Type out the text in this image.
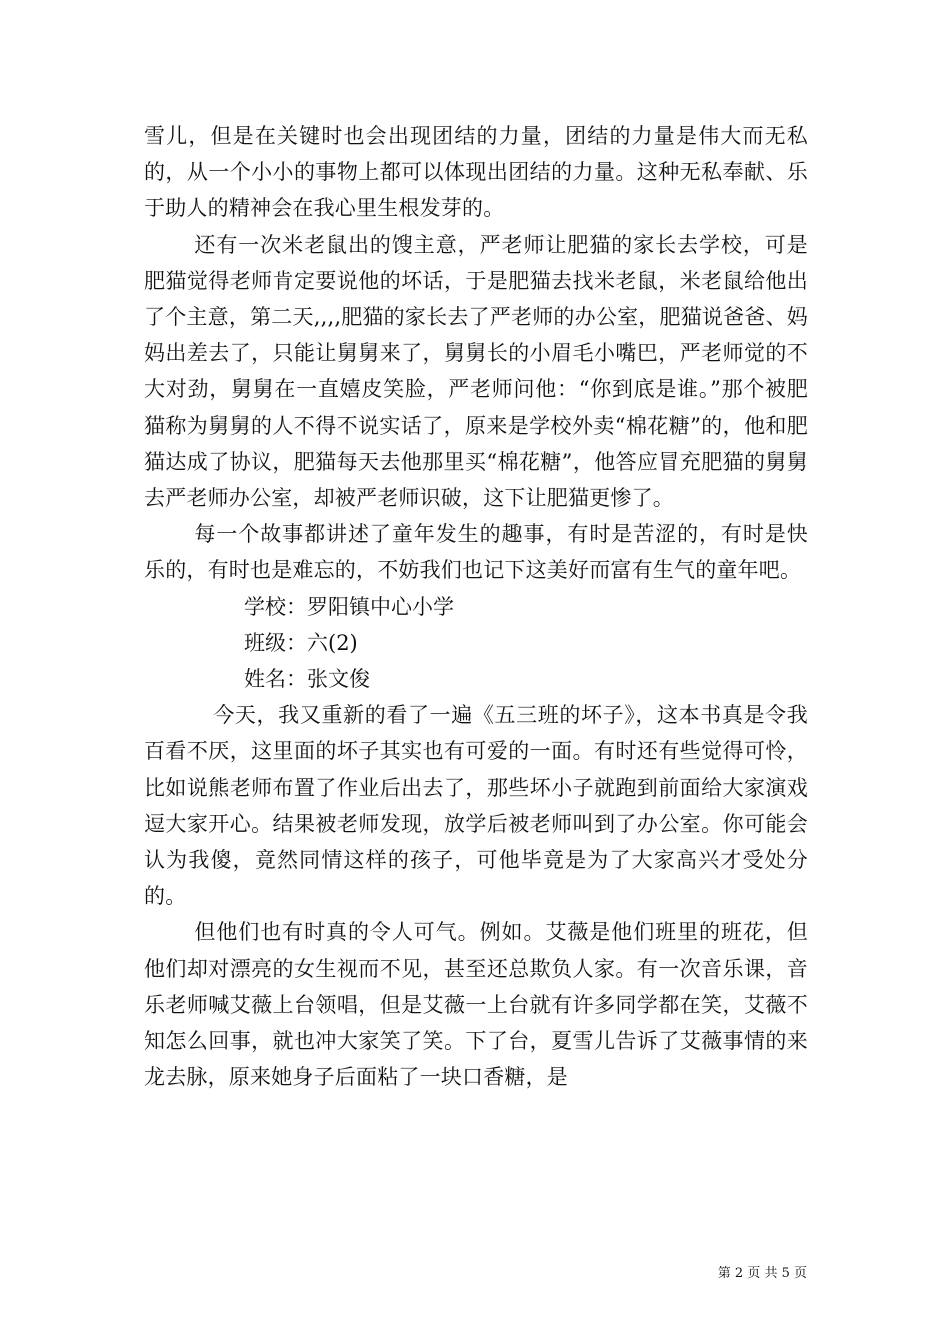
雪儿，但是在关键时也会出现团结的力量，团结的力量是伟大而无私的，从一个小小的事物上都可以体现出团结的力量。这种无私奉献、乐于助人的精神会在我心里生根发芽的。

还有一次米老鼠出的馊主意，严老师让肥猫的家长去学校，可是肥猫觉得老师肯定要说他的坏话，于是肥猫去找米老鼠，米老鼠给他出了个主意，第二天,,,,肥猫的家长去了严老师的办公室，肥猫说爸爸、妈妈出差去了，只能让舅舅来了，舅舅长的小眉毛小嘴巴，严老师觉的不大对劲，舅舅在一直嬉皮笑脸，严老师问他：“你到底是谁。”那个被肥猫称为舅舅的人不得不说实话了，原来是学校外卖“棉花糖”的，他和肥猫达成了协议，肥猫每天去他那里买“棉花糖”，他答应冒充肥猫的舅舅去严老师办公室，却被严老师识破，这下让肥猫更惨了。

每一个故事都讲述了童年发生的趣事，有时是苦涩的，有时是快乐的，有时也是难忘的，不妨我们也记下这美好而富有生气的童年吧。

学校：罗阳镇中心小学

班级：六(2)

姓名：张文俊

今天，我又重新的看了一遍《五三班的坏子》，这本书真是令我百看不厌，这里面的坏子其实也有可爱的一面。有时还有些觉得可怜，比如说熊老师布置了作业后出去了，那些坏小子就跑到前面给大家演戏逗大家开心。结果被老师发现，放学后被老师叫到了办公室。你可能会认为我傻，竟然同情这样的孩子，可他毕竟是为了大家高兴才受处分的。

但他们也有时真的令人可气。例如。艾薇是他们班里的班花，但他们却对漂亮的女生视而不见，甚至还总欺负人家。有一次音乐课，音乐老师喊艾薇上台领唱，但是艾薇一上台就有许多同学都在笑，艾薇不知怎么回事，就也冲大家笑了笑。下了台，夏雪儿告诉了艾薇事情的来龙去脉，原来她身子后面粘了一块口香糖，是

第 2 页 共 5 页
